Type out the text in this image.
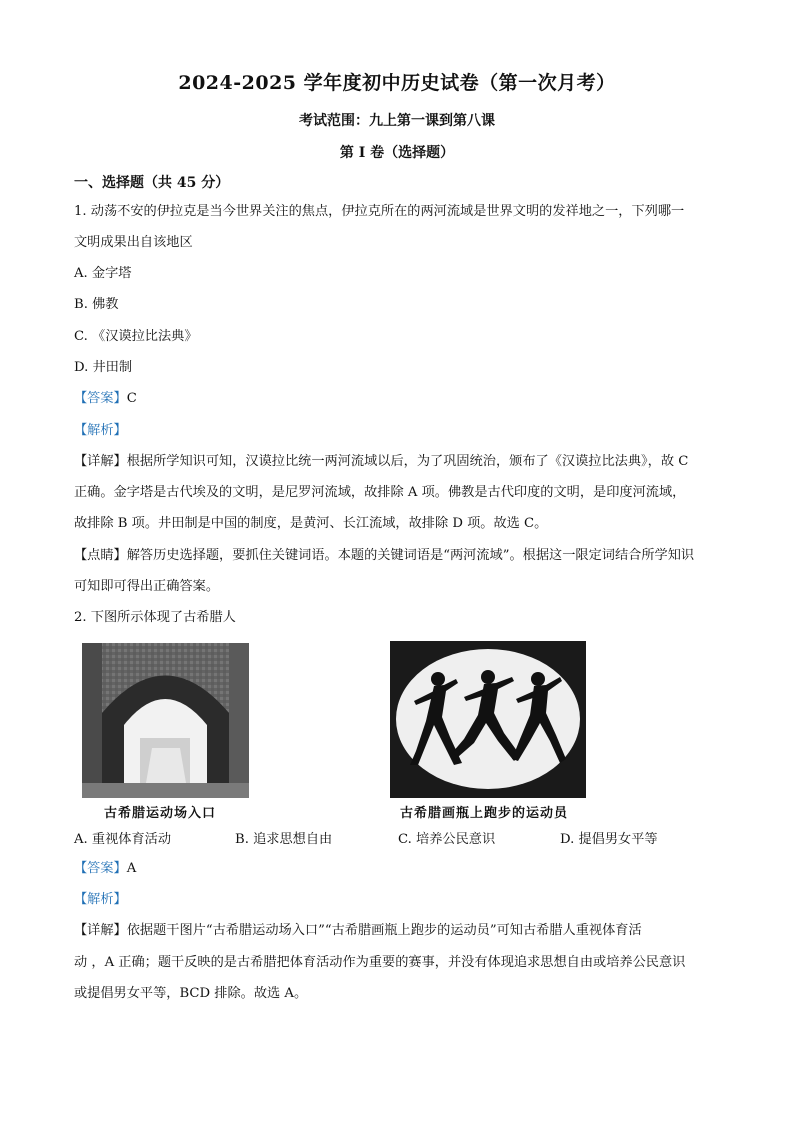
2024-2025 学年度初中历史试卷（第一次月考）
考试范围：九上第一课到第八课
第 I 卷（选择题）
一、选择题（共 45 分）
1. 动荡不安的伊拉克是当今世界关注的焦点，伊拉克所在的两河流域是世界文明的发祥地之一，下列哪一
文明成果出自该地区
A. 金字塔
B. 佛教
C. 《汉谟拉比法典》
D. 井田制
【答案】C
【解析】
【详解】根据所学知识可知，汉谟拉比统一两河流域以后，为了巩固统治，颁布了《汉谟拉比法典》，故 C
正确。金字塔是古代埃及的文明，是尼罗河流域，故排除 A 项。佛教是古代印度的文明，是印度河流域，
故排除 B 项。井田制是中国的制度，是黄河、长江流域，故排除 D 项。故选 C。
【点睛】解答历史选择题，要抓住关键词语。本题的关键词语是“两河流域”。根据这一限定词结合所学知识
可知即可得出正确答案。
2. 下图所示体现了古希腊人
古希腊运动场入口	古希腊画瓶上跑步的运动员
A. 重视体育活动	B. 追求思想自由	C. 培养公民意识	D. 提倡男女平等
【答案】A
【解析】
【详解】依据题干图片“古希腊运动场入口”“古希腊画瓶上跑步的运动员”可知古希腊人重视体育活
动 ，A 正确；题干反映的是古希腊把体育活动作为重要的赛事，并没有体现追求思想自由或培养公民意识
或提倡男女平等，BCD 排除。故选 A。
